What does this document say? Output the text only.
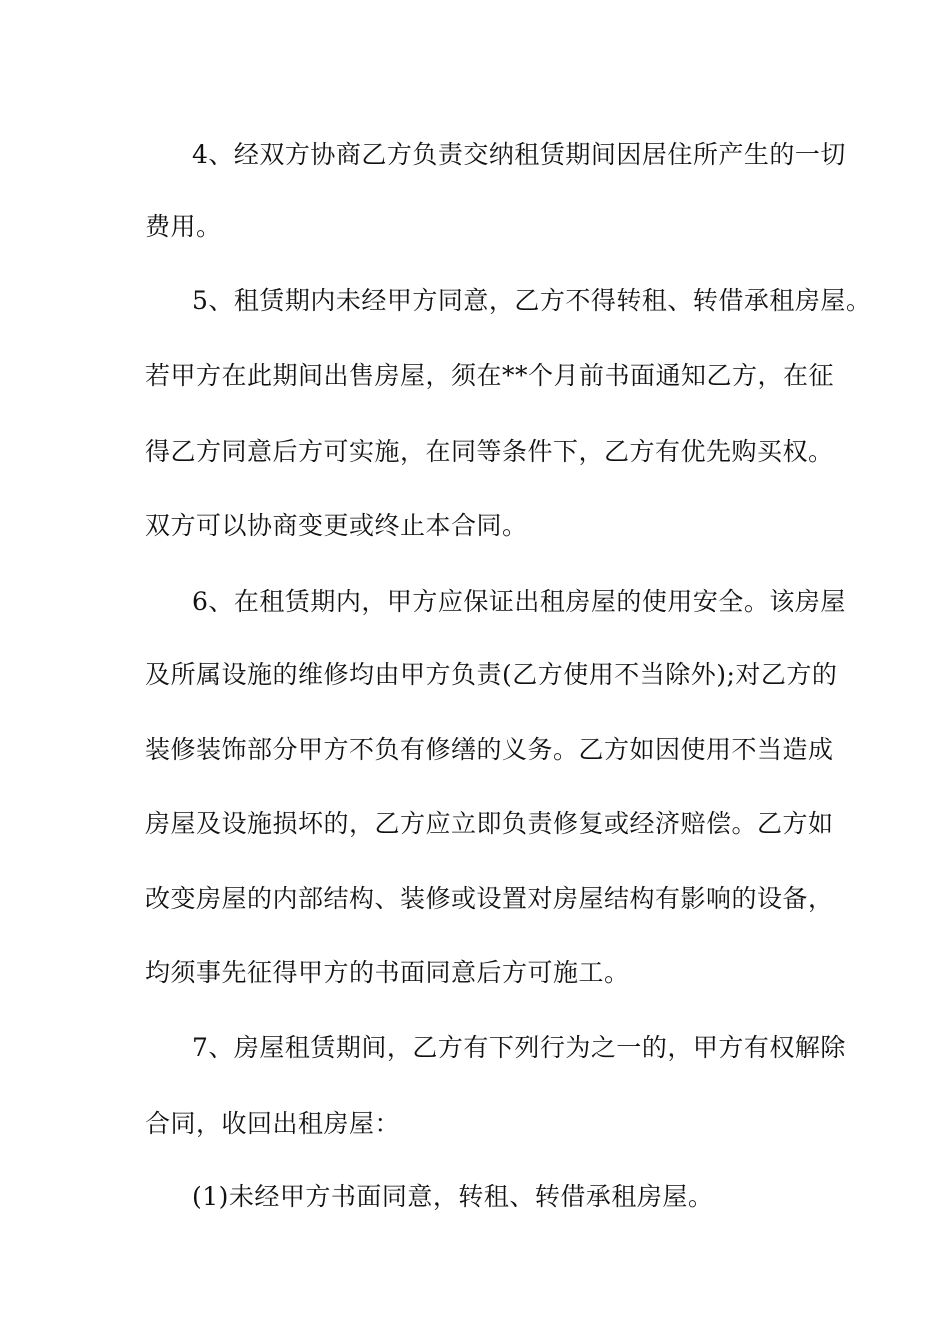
4、经双方协商乙方负责交纳租赁期间因居住所产生的一切
费用。
5、租赁期内未经甲方同意，乙方不得转租、转借承租房屋。
若甲方在此期间出售房屋，须在**个月前书面通知乙方，在征
得乙方同意后方可实施，在同等条件下，乙方有优先购买权。
双方可以协商变更或终止本合同。
6、在租赁期内，甲方应保证出租房屋的使用安全。该房屋
及所属设施的维修均由甲方负责(乙方使用不当除外);对乙方的
装修装饰部分甲方不负有修缮的义务。乙方如因使用不当造成
房屋及设施损坏的，乙方应立即负责修复或经济赔偿。乙方如
改变房屋的内部结构、装修或设置对房屋结构有影响的设备，
均须事先征得甲方的书面同意后方可施工。
7、房屋租赁期间，乙方有下列行为之一的，甲方有权解除
合同，收回出租房屋：
(1)未经甲方书面同意，转租、转借承租房屋。
